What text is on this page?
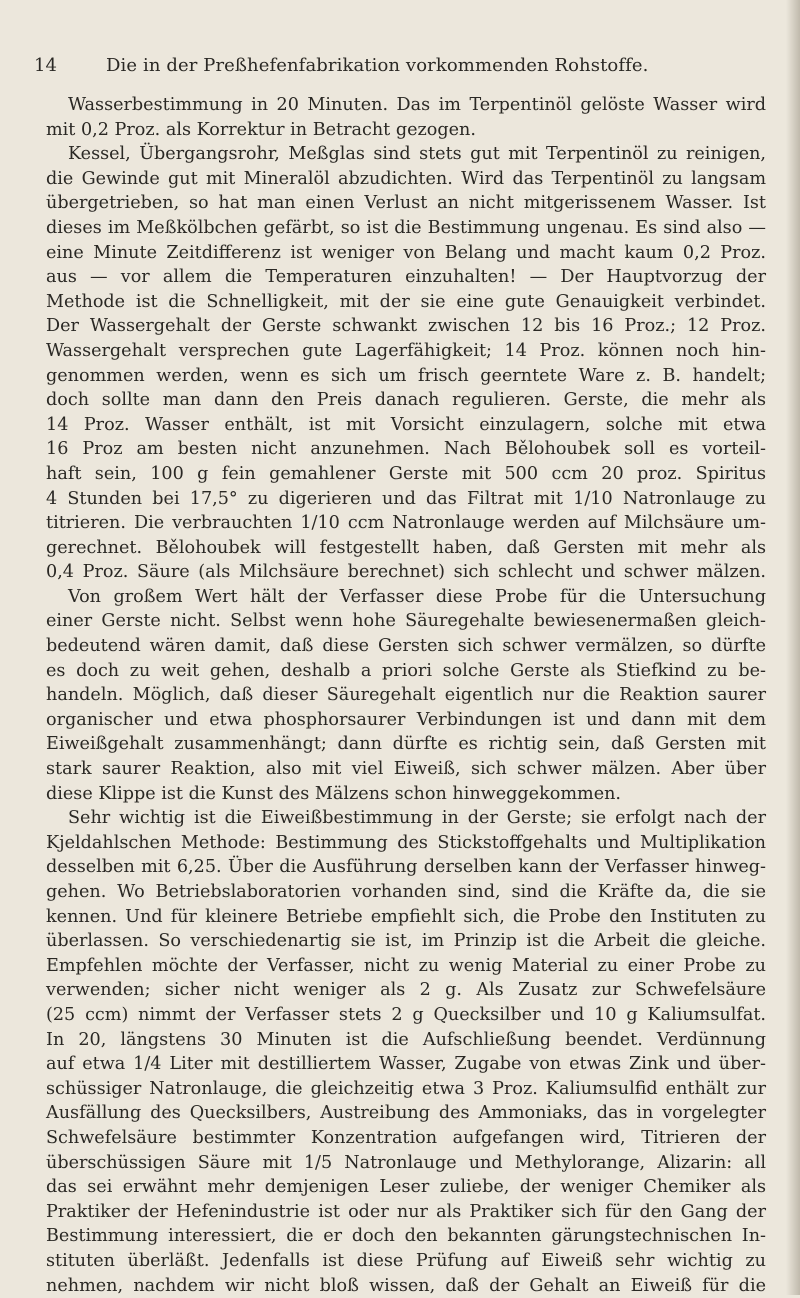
14	Die in der Preßhefenfabrikation vorkommenden Rohstoffe.
Wasserbestimmung in 20 Minuten. Das im Terpentinöl gelöste Wasser wird
mit 0,2 Proz. als Korrektur in Betracht gezogen.
Kessel, Übergangsrohr, Meßglas sind stets gut mit Terpentinöl zu reinigen,
die Gewinde gut mit Mineralöl abzudichten. Wird das Terpentinöl zu langsam
übergetrieben, so hat man einen Verlust an nicht mitgerissenem Wasser. Ist
dieses im Meßkölbchen gefärbt, so ist die Bestimmung ungenau. Es sind also —
eine Minute Zeitdifferenz ist weniger von Belang und macht kaum 0,2 Proz.
aus — vor allem die Temperaturen einzuhalten! — Der Hauptvorzug der
Methode ist die Schnelligkeit, mit der sie eine gute Genauigkeit verbindet.
Der Wassergehalt der Gerste schwankt zwischen 12 bis 16 Proz.; 12 Proz.
Wassergehalt versprechen gute Lagerfähigkeit; 14 Proz. können noch hin-
genommen werden, wenn es sich um frisch geerntete Ware z. B. handelt;
doch sollte man dann den Preis danach regulieren. Gerste, die mehr als
14 Proz. Wasser enthält, ist mit Vorsicht einzulagern, solche mit etwa
16 Proz am besten nicht anzunehmen. Nach Bělohoubek soll es vorteil-
haft sein, 100 g fein gemahlener Gerste mit 500 ccm 20 proz. Spiritus
4 Stunden bei 17,5° zu digerieren und das Filtrat mit 1/10 Natronlauge zu
titrieren. Die verbrauchten 1/10 ccm Natronlauge werden auf Milchsäure um-
gerechnet. Bělohoubek will festgestellt haben, daß Gersten mit mehr als
0,4 Proz. Säure (als Milchsäure berechnet) sich schlecht und schwer mälzen.
Von großem Wert hält der Verfasser diese Probe für die Untersuchung
einer Gerste nicht. Selbst wenn hohe Säuregehalte bewiesenermaßen gleich-
bedeutend wären damit, daß diese Gersten sich schwer vermälzen, so dürfte
es doch zu weit gehen, deshalb a priori solche Gerste als Stiefkind zu be-
handeln. Möglich, daß dieser Säuregehalt eigentlich nur die Reaktion saurer
organischer und etwa phosphorsaurer Verbindungen ist und dann mit dem
Eiweißgehalt zusammenhängt; dann dürfte es richtig sein, daß Gersten mit
stark saurer Reaktion, also mit viel Eiweiß, sich schwer mälzen. Aber über
diese Klippe ist die Kunst des Mälzens schon hinweggekommen.
Sehr wichtig ist die Eiweißbestimmung in der Gerste; sie erfolgt nach der
Kjeldahlschen Methode: Bestimmung des Stickstoffgehalts und Multiplikation
desselben mit 6,25. Über die Ausführung derselben kann der Verfasser hinweg-
gehen. Wo Betriebslaboratorien vorhanden sind, sind die Kräfte da, die sie
kennen. Und für kleinere Betriebe empfiehlt sich, die Probe den Instituten zu
überlassen. So verschiedenartig sie ist, im Prinzip ist die Arbeit die gleiche.
Empfehlen möchte der Verfasser, nicht zu wenig Material zu einer Probe zu
verwenden; sicher nicht weniger als 2 g. Als Zusatz zur Schwefelsäure
(25 ccm) nimmt der Verfasser stets 2 g Quecksilber und 10 g Kaliumsulfat.
In 20, längstens 30 Minuten ist die Aufschließung beendet. Verdünnung
auf etwa 1/4 Liter mit destilliertem Wasser, Zugabe von etwas Zink und über-
schüssiger Natronlauge, die gleichzeitig etwa 3 Proz. Kaliumsulfid enthält zur
Ausfällung des Quecksilbers, Austreibung des Ammoniaks, das in vorgelegter
Schwefelsäure bestimmter Konzentration aufgefangen wird, Titrieren der
überschüssigen Säure mit 1/5 Natronlauge und Methylorange, Alizarin: all
das sei erwähnt mehr demjenigen Leser zuliebe, der weniger Chemiker als
Praktiker der Hefenindustrie ist oder nur als Praktiker sich für den Gang der
Bestimmung interessiert, die er doch den bekannten gärungstechnischen In-
stituten überläßt. Jedenfalls ist diese Prüfung auf Eiweiß sehr wichtig zu
nehmen, nachdem wir nicht bloß wissen, daß der Gehalt an Eiweiß für die
